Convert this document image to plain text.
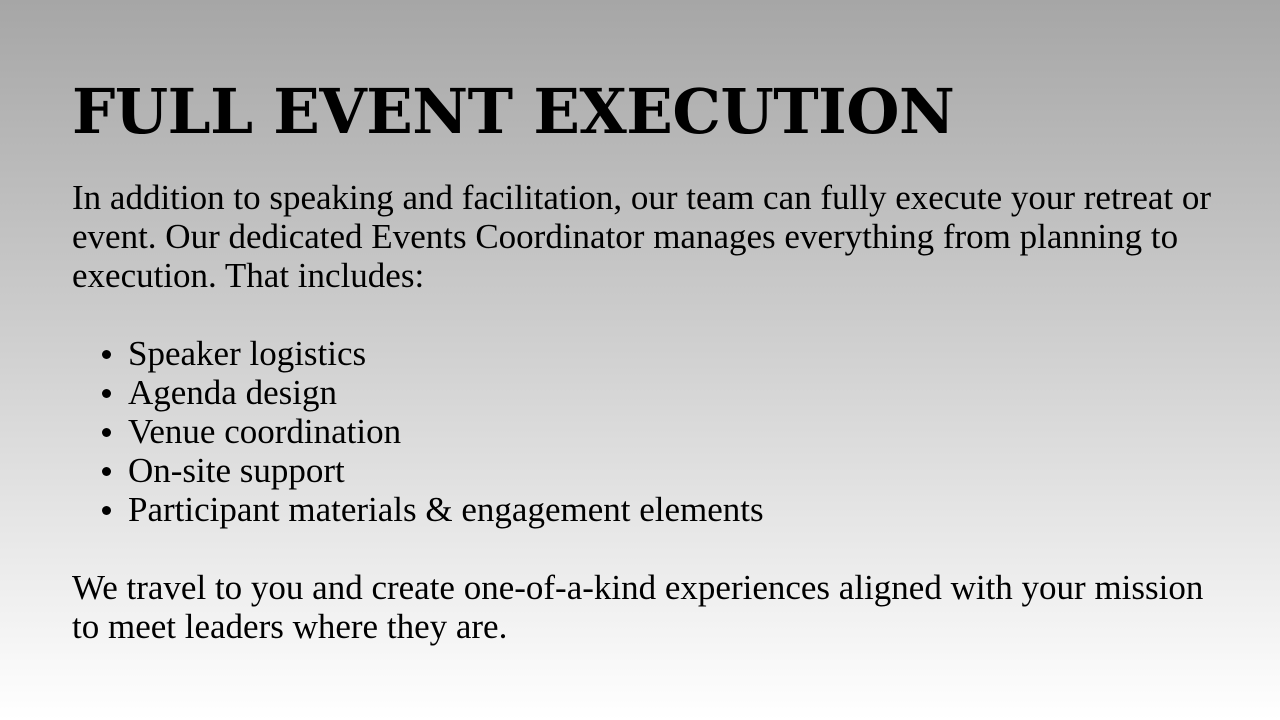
FULL EVENT EXECUTION

In addition to speaking and facilitation, our team can fully execute your retreat or event. Our dedicated Events Coordinator manages everything from planning to execution. That includes:

Speaker logistics
Agenda design
Venue coordination
On-site support
Participant materials & engagement elements

We travel to you and create one-of-a-kind experiences aligned with your mission to meet leaders where they are.
